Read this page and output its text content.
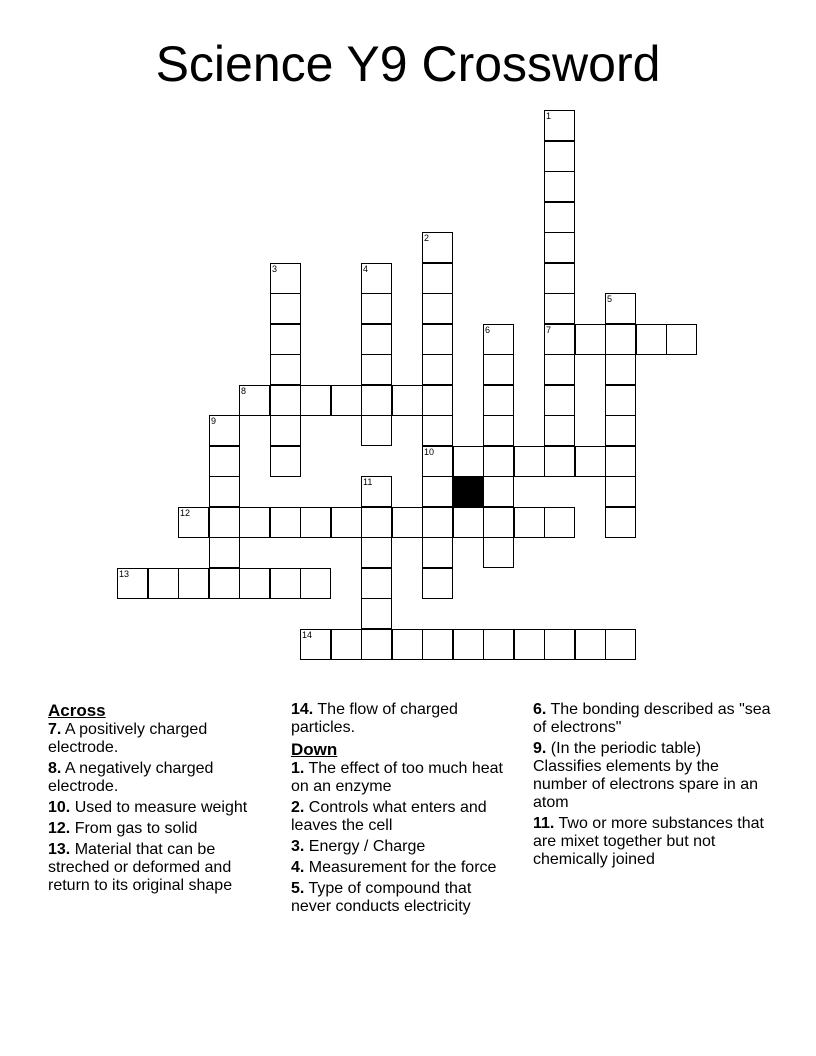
Science Y9 Crossword
1
2
3	4
5
6	7
8
9
10
11
12
13
14
Across
7. A positively charged electrode.
8. A negatively charged electrode.
10. Used to measure weight
12. From gas to solid
13. Material that can be streched or deformed and return to its original shape
14. The flow of charged particles.
Down
1. The effect of too much heat on an enzyme
2. Controls what enters and leaves the cell
3. Energy / Charge
4. Measurement for the force
5. Type of compound that never conducts electricity
6. The bonding described as "sea of electrons"
9. (In the periodic table) Classifies elements by the number of electrons spare in an atom
11. Two or more substances that are mixet together but not chemically joined
